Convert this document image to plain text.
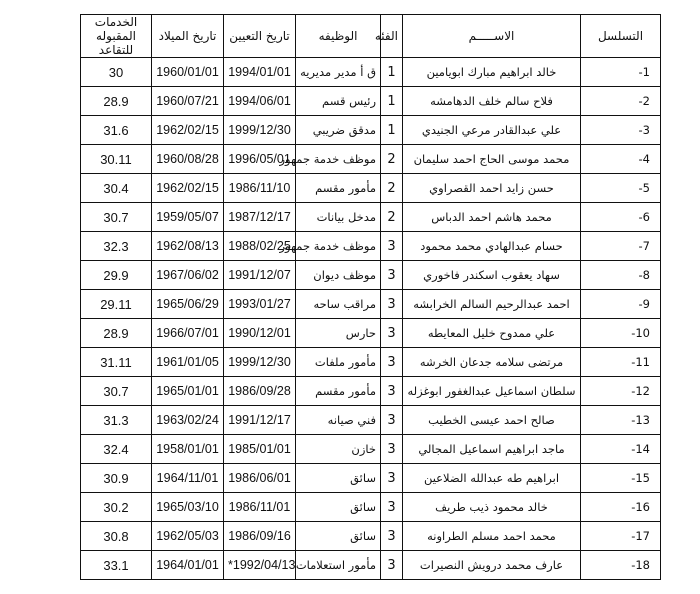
التسلسل	الاســـــم	الفئه	الوظيفه	تاريخ التعيين	تاريخ الميلاد	الخدمات المقبوله
للتقاعد
-1	خالد ابراهيم مبارك ابويامين	1	ق أ مدير مديريه	1994/01/01	1960/01/01	30
-2	فلاح سالم خلف الدهامشه	1	رئيس قسم	1994/06/01	1960/07/21	28.9
-3	علي عبدالقادر مرعي الجنيدي	1	مدقق ضريبي	1999/12/30	1962/02/15	31.6
-4	محمد موسى الحاج احمد سليمان	2	موظف خدمة جمهور	1996/05/01	1960/08/28	30.11
-5	حسن زايد احمد القصراوي	2	مأمور مقسم	1986/11/10	1962/02/15	30.4
-6	محمد هاشم احمد الدباس	2	مدخل بيانات	1987/12/17	1959/05/07	30.7
-7	حسام عبدالهادي محمد محمود	3	موظف خدمة جمهور	1988/02/25	1962/08/13	32.3
-8	سهاد يعقوب اسكندر فاخوري	3	موظف ديوان	1991/12/07	1967/06/02	29.9
-9	احمد عبدالرحيم السالم الخرابشه	3	مراقب ساحه	1993/01/27	1965/06/29	29.11
-10	علي ممدوح خليل المعايطه	3	حارس	1990/12/01	1966/07/01	28.9
-11	مرتضى سلامه جدعان الخرشه	3	مأمور ملفات	1999/12/30	1961/01/05	31.11
-12	سلطان اسماعيل عبدالغفور ابوغزله	3	مأمور مقسم	1986/09/28	1965/01/01	30.7
-13	صالح احمد عيسى الخطيب	3	فني صيانه	1991/12/17	1963/02/24	31.3
-14	ماجد ابراهيم اسماعيل المجالي	3	خازن	1985/01/01	1958/01/01	32.4
-15	ابراهيم طه عبدالله الضلاعين	3	سائق	1986/06/01	1964/11/01	30.9
-16	خالد محمود ذيب طريف	3	سائق	1986/11/01	1965/03/10	30.2
-17	محمد احمد مسلم الطراونه	3	سائق	1986/09/16	1962/05/03	30.8
-18	عارف محمد درويش النصيرات	3	مأمور استعلامات	*1992/04/13	1964/01/01	33.1
